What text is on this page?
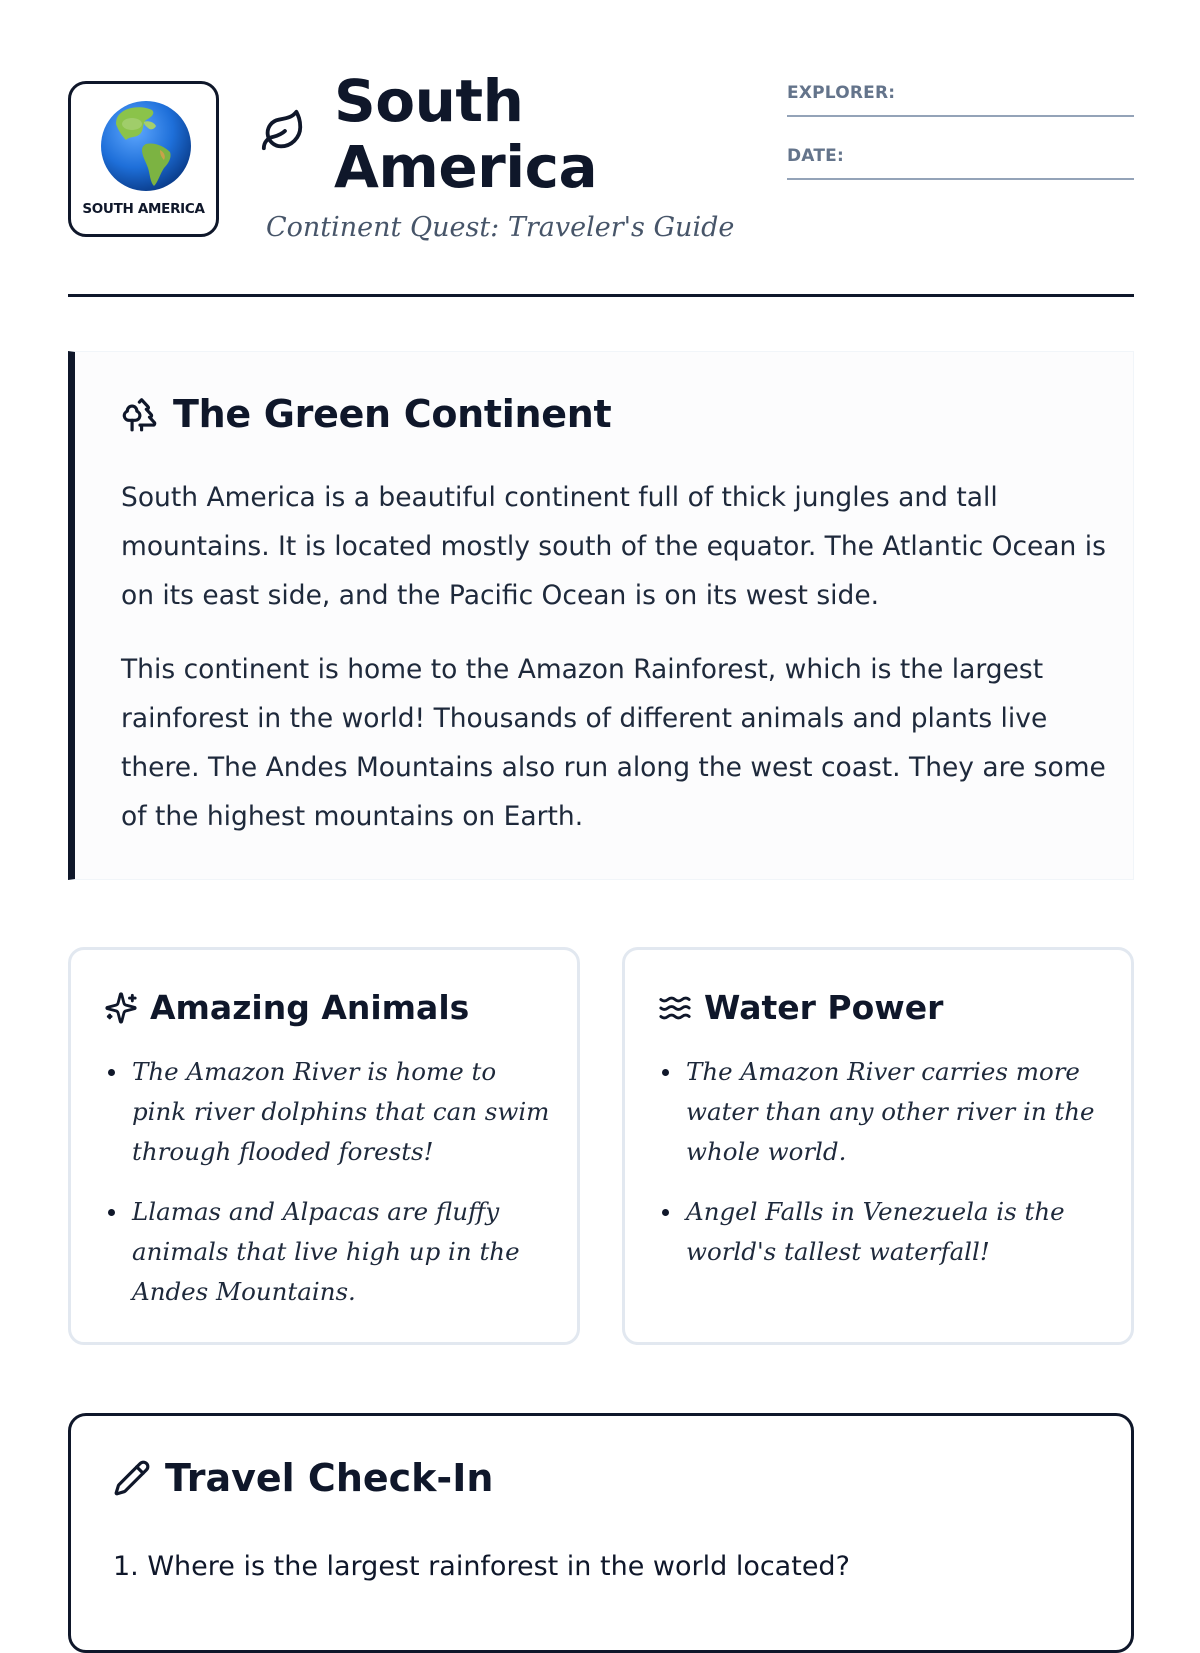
SOUTH AMERICA
South America
Continent Quest: Traveler's Guide
EXPLORER:
DATE:
The Green Continent

South America is a beautiful continent full of thick jungles and tall mountains. It is located mostly south of the equator. The Atlantic Ocean is on its east side, and the Pacific Ocean is on its west side.

This continent is home to the Amazon Rainforest, which is the largest rainforest in the world! Thousands of different animals and plants live there. The Andes Mountains also run along the west coast. They are some of the highest mountains on Earth.

Amazing Animals
The Amazon River is home to pink river dolphins that can swim through flooded forests!
Llamas and Alpacas are fluffy animals that live high up in the Andes Mountains.
Water Power
The Amazon River carries more water than any other river in the whole world.
Angel Falls in Venezuela is the world's tallest waterfall!
Travel Check-In
1. Where is the largest rainforest in the world located?
